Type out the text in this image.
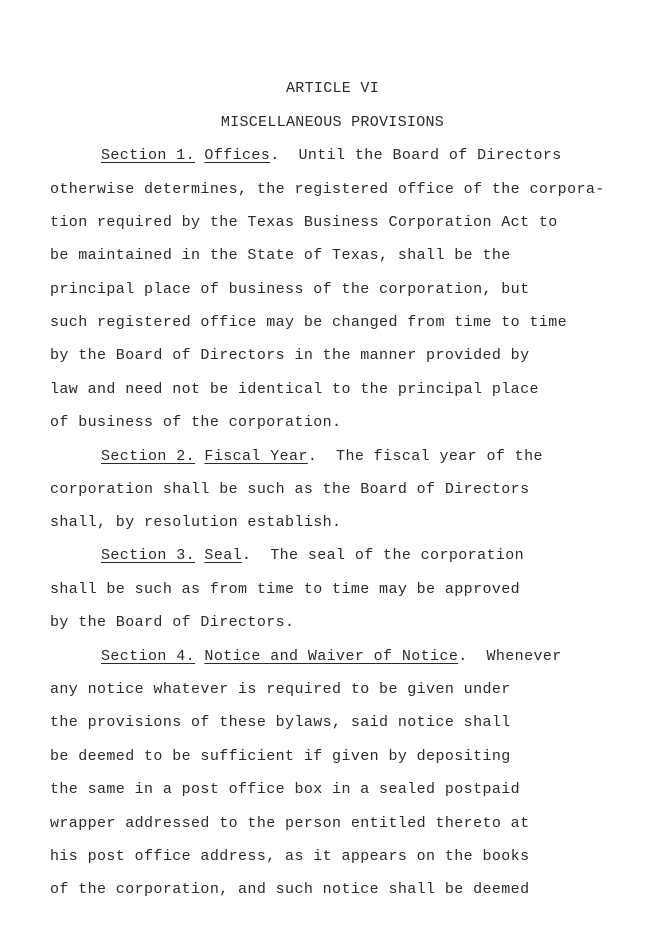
ARTICLE VI
MISCELLANEOUS PROVISIONS
Section 1. Offices.  Until the Board of Directors
otherwise determines, the registered office of the corpora-
tion required by the Texas Business Corporation Act to
be maintained in the State of Texas, shall be the
principal place of business of the corporation, but
such registered office may be changed from time to time
by the Board of Directors in the manner provided by
law and need not be identical to the principal place
of business of the corporation.
Section 2. Fiscal Year.  The fiscal year of the
corporation shall be such as the Board of Directors
shall, by resolution establish.
Section 3. Seal.  The seal of the corporation
shall be such as from time to time may be approved
by the Board of Directors.
Section 4. Notice and Waiver of Notice.  Whenever
any notice whatever is required to be given under
the provisions of these bylaws, said notice shall
be deemed to be sufficient if given by depositing
the same in a post office box in a sealed postpaid
wrapper addressed to the person entitled thereto at
his post office address, as it appears on the books
of the corporation, and such notice shall be deemed
